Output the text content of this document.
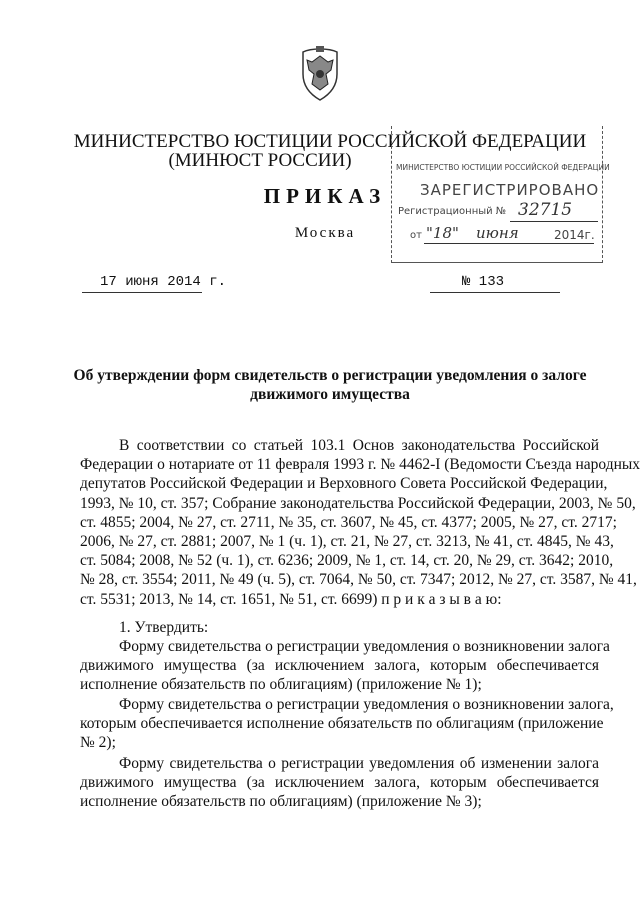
МИНИСТЕРСТВО ЮСТИЦИИ РОССИЙСКОЙ ФЕДЕРАЦИИ
(МИНЮСТ РОССИИ)
ПРИКАЗ
Москва
МИНИСТЕРСТВО ЮСТИЦИИ РОССИЙСКОЙ ФЕДЕРАЦИИ
ЗАРЕГИСТРИРОВАНО
Регистрационный № 32715
от "18" июня	2014г.
17 июня 2014 г.	№ 133
Об утверждении форм свидетельств о регистрации уведомления о залоге
движимого имущества
В соответствии со статьей 103.1 Основ законодательства Российской
Федерации о нотариате от 11 февраля 1993 г. № 4462-I (Ведомости Съезда народных
депутатов Российской Федерации и Верховного Совета Российской Федерации,
1993, № 10, ст. 357; Собрание законодательства Российской Федерации, 2003, № 50,
ст. 4855; 2004, № 27, ст. 2711, № 35, ст. 3607, № 45, ст. 4377; 2005, № 27, ст. 2717;
2006, № 27, ст. 2881; 2007, № 1 (ч. 1), ст. 21, № 27, ст. 3213, № 41, ст. 4845, № 43,
ст. 5084; 2008, № 52 (ч. 1), ст. 6236; 2009, № 1, ст. 14, ст. 20, № 29, ст. 3642; 2010,
№ 28, ст. 3554; 2011, № 49 (ч. 5), ст. 7064, № 50, ст. 7347; 2012, № 27, ст. 3587, № 41,
ст. 5531; 2013, № 14, ст. 1651, № 51, ст. 6699) п р и к а з ы в а ю:
1. Утвердить:
Форму свидетельства о регистрации уведомления о возникновении залога
движимого имущества (за исключением залога, которым обеспечивается
исполнение обязательств по облигациям) (приложение № 1);
Форму свидетельства о регистрации уведомления о возникновении залога,
которым обеспечивается исполнение обязательств по облигациям (приложение
№ 2);
Форму свидетельства о регистрации уведомления об изменении залога
движимого имущества (за исключением залога, которым обеспечивается
исполнение обязательств по облигациям) (приложение № 3);
